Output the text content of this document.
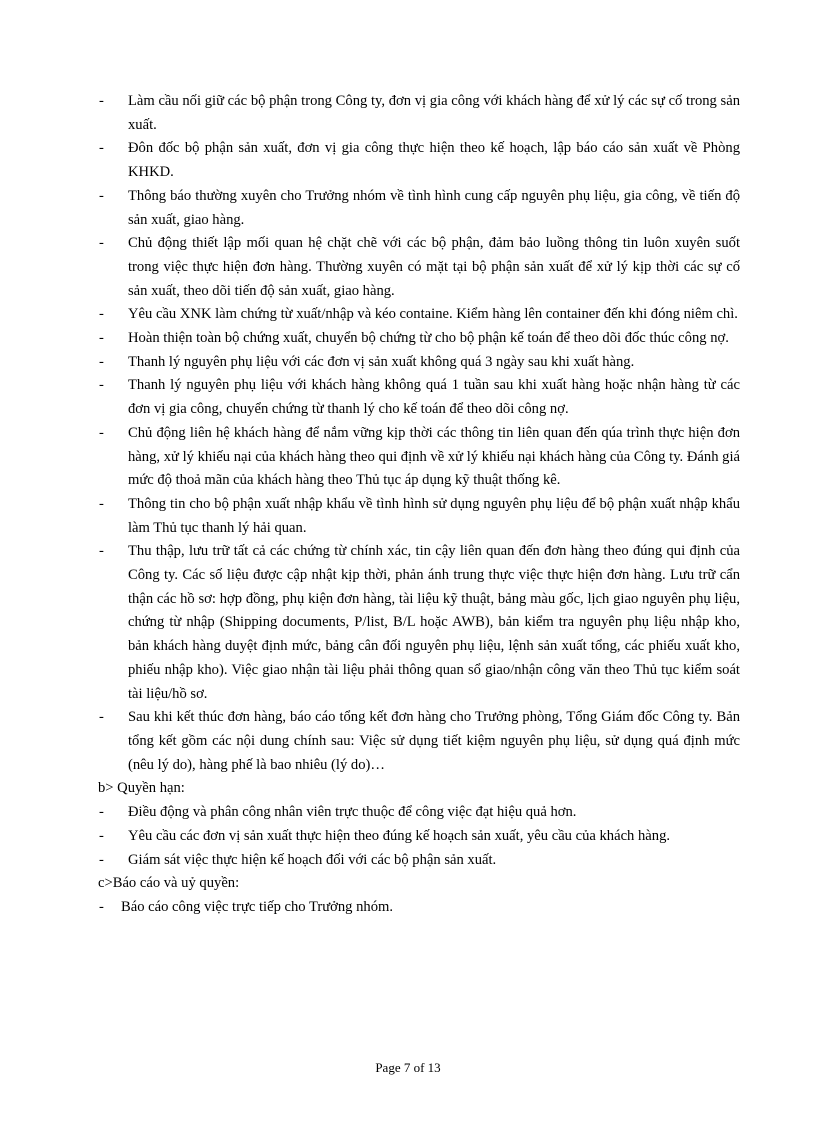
- Làm cầu nối giữ các bộ phận trong Công ty, đơn vị gia công với khách hàng để xử lý các sự cố trong sản xuất.
- Đôn đốc bộ phận sản xuất, đơn vị gia công thực hiện theo kế hoạch, lập báo cáo sản xuất về Phòng KHKD.
- Thông báo thường xuyên cho Trưởng nhóm về tình hình cung cấp nguyên phụ liệu, gia công, về tiến độ sản xuất, giao hàng.
- Chủ động thiết lập mối quan hệ chặt chẽ với các bộ phận, đảm bảo luồng thông tin luôn xuyên suốt trong việc thực hiện đơn hàng. Thường xuyên có mặt tại bộ phận sản xuất để xử lý kịp thời các sự cố sản xuất, theo dõi tiến độ sản xuất, giao hàng.
- Yêu cầu XNK làm chứng từ xuất/nhập và kéo containe. Kiểm hàng lên container đến khi đóng niêm chì.
- Hoàn thiện toàn bộ chứng xuất, chuyển bộ chứng từ cho bộ phận kế toán để theo dõi đốc thúc công nợ.
- Thanh lý nguyên phụ liệu với các đơn vị sản xuất không quá 3 ngày sau khi xuất hàng.
- Thanh lý nguyên phụ liệu với khách hàng không quá 1 tuần sau khi xuất hàng hoặc nhận hàng từ các đơn vị gia công, chuyển chứng từ thanh lý cho kế toán để theo dõi công nợ.
- Chủ động liên hệ khách hàng để nắm vững kịp thời các thông tin liên quan đến qúa trình thực hiện đơn hàng, xử lý khiếu nại của khách hàng theo qui định về xử lý khiếu nại khách hàng của Công ty. Đánh giá mức độ thoả mãn của khách hàng theo Thủ tục áp dụng kỹ thuật thống kê.
- Thông tin cho bộ phận xuất nhập khẩu về tình hình sử dụng nguyên phụ liệu để bộ phận xuất nhập khẩu làm Thủ tục thanh lý hải quan.
- Thu thập, lưu trữ tất cả các chứng từ chính xác, tin cậy liên quan đến đơn hàng theo đúng qui định của Công ty. Các số liệu được cập nhật kịp thời, phản ánh trung thực việc thực hiện đơn hàng. Lưu trữ cẩn thận các hồ sơ: hợp đồng, phụ kiện đơn hàng, tài liệu kỹ thuật, bảng màu gốc, lịch giao nguyên phụ liệu, chứng từ nhập (Shipping documents, P/list, B/L hoặc AWB), bản kiểm tra nguyên phụ liệu nhập kho, bản khách hàng duyệt định mức, bảng cân đối nguyên phụ liệu, lệnh sản xuất tổng, các phiếu xuất kho, phiếu nhập kho). Việc giao nhận tài liệu phải thông quan sổ giao/nhận công văn theo Thủ tục kiểm soát tài liệu/hồ sơ.
- Sau khi kết thúc đơn hàng, báo cáo tổng kết đơn hàng cho Trưởng phòng, Tổng Giám đốc Công ty. Bản tổng kết gồm các nội dung chính sau: Việc sử dụng tiết kiệm nguyên phụ liệu, sử dụng quá định mức (nêu lý do), hàng phế là bao nhiêu (lý do)…
b> Quyền hạn:
- Điều động và phân công nhân viên trực thuộc để công việc đạt hiệu quả hơn.
- Yêu cầu các đơn vị sản xuất thực hiện theo đúng kế hoạch sản xuất, yêu cầu của khách hàng.
- Giám sát việc thực hiện kế hoạch đối với các bộ phận sản xuất.
c>Báo cáo và uỷ quyền:
- Báo cáo công việc trực tiếp cho Trưởng nhóm.
Page 7 of 13
